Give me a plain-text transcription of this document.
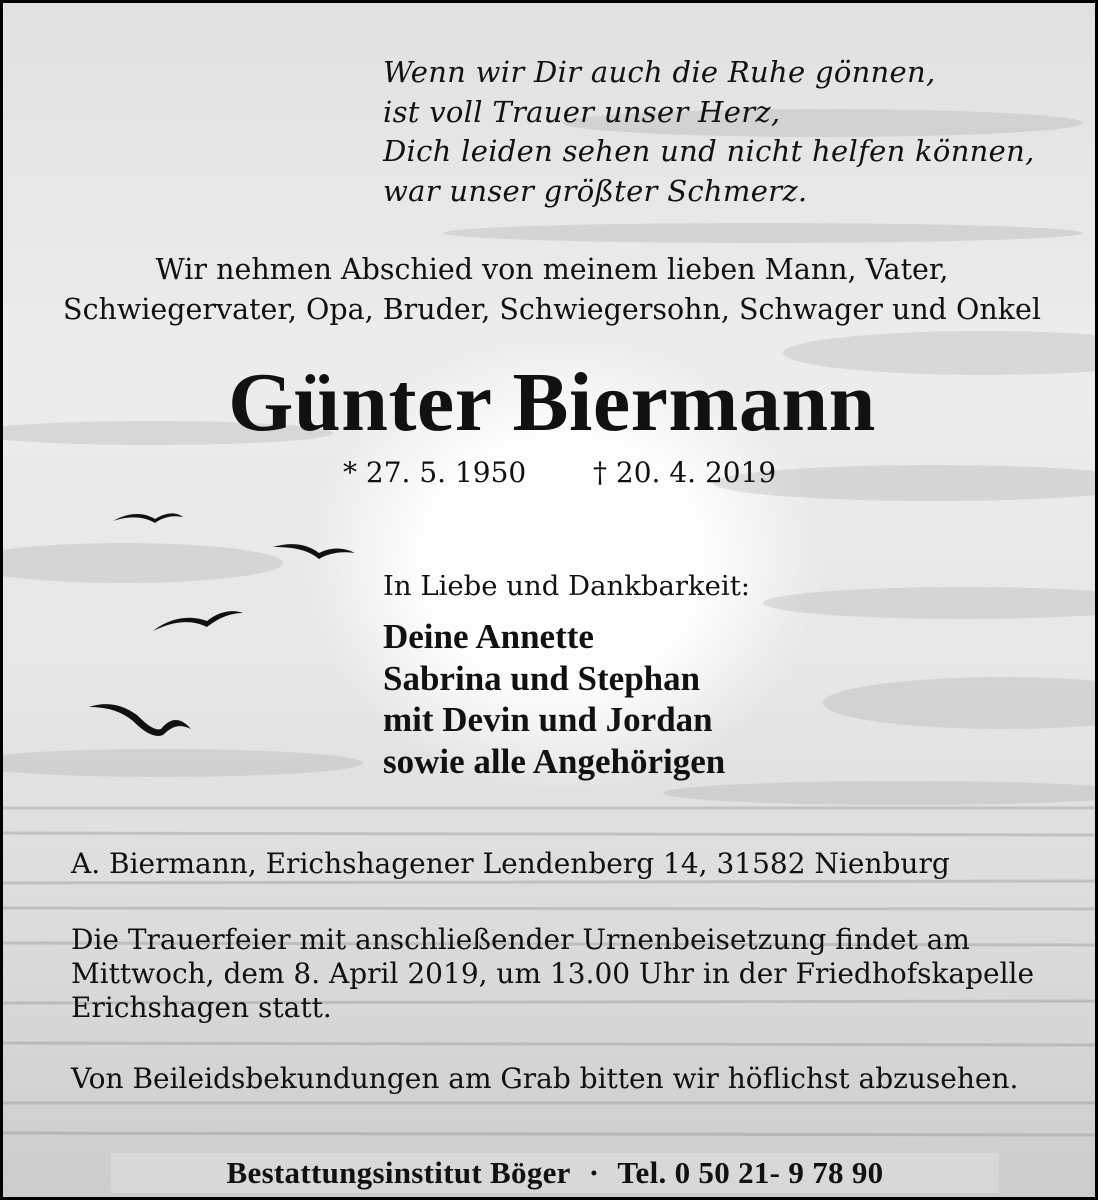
Wenn wir Dir auch die Ruhe gönnen,
ist voll Trauer unser Herz,
Dich leiden sehen und nicht helfen können,
war unser größter Schmerz.
Wir nehmen Abschied von meinem lieben Mann, Vater,
Schwiegervater, Opa, Bruder, Schwiegersohn, Schwager und Onkel
Günter Biermann
* 27. 5. 1950 † 20. 4. 2019
In Liebe und Dankbarkeit:
Deine Annette
Sabrina und Stephan
mit Devin und Jordan
sowie alle Angehörigen
A. Biermann, Erichshagener Lendenberg 14, 31582 Nienburg
Die Trauerfeier mit anschließender Urnenbeisetzung findet am
Mittwoch, dem 8. April 2019, um 13.00 Uhr in der Friedhofskapelle
Erichshagen statt.
Von Beileidsbekundungen am Grab bitten wir höflichst abzusehen.
Bestattungsinstitut Böger · Tel. 0 50 21- 9 78 90
